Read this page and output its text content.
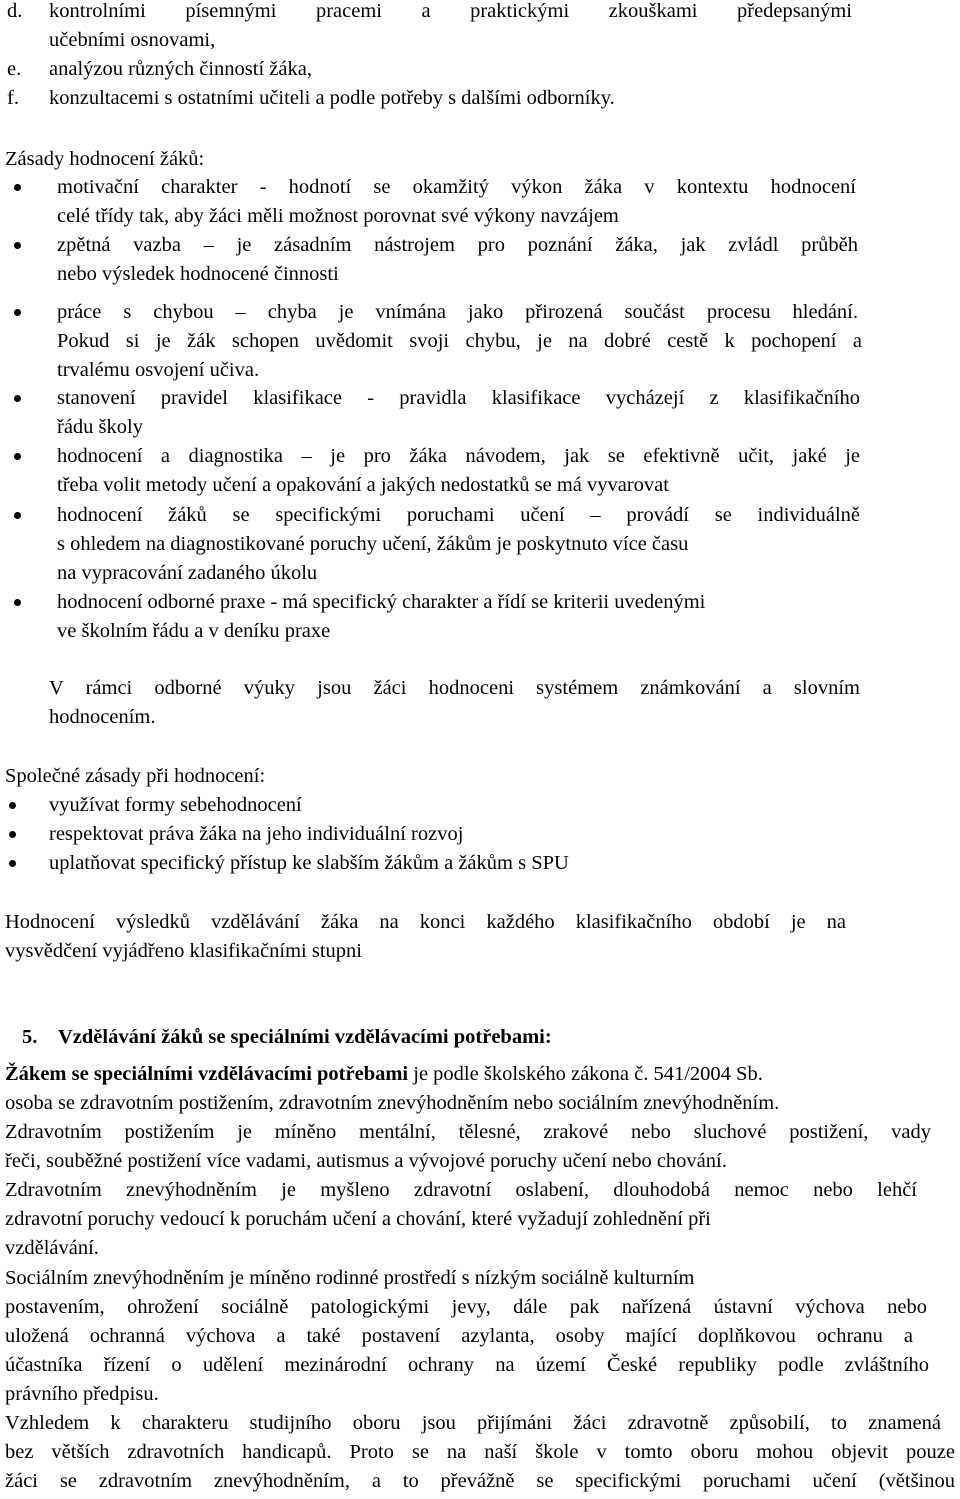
d. kontrolními písemnými pracemi a praktickými zkouškami předepsanými
učebními osnovami,
e. analýzou různých činností žáka,
f. konzultacemi s ostatními učiteli a podle potřeby s dalšími odborníky.
Zásady hodnocení žáků:
motivační charakter - hodnotí se okamžitý výkon žáka v kontextu hodnocení
celé třídy tak, aby žáci měli možnost porovnat své výkony navzájem
zpětná vazba – je zásadním nástrojem pro poznání žáka, jak zvládl průběh
nebo výsledek hodnocené činnosti
práce s chybou – chyba je vnímána jako přirozená součást procesu hledání.
Pokud si je žák schopen uvědomit svoji chybu, je na dobré cestě k pochopení a
trvalému osvojení učiva.
stanovení pravidel klasifikace - pravidla klasifikace vycházejí z klasifikačního
řádu školy
hodnocení a diagnostika – je pro žáka návodem, jak se efektivně učit, jaké je
třeba volit metody učení a opakování a jakých nedostatků se má vyvarovat
hodnocení žáků se specifickými poruchami učení – provádí se individuálně
s ohledem na diagnostikované poruchy učení, žákům je poskytnuto více času
na vypracování zadaného úkolu
hodnocení odborné praxe - má specifický charakter a řídí se kriterii uvedenými
ve školním řádu a v deníku praxe
V rámci odborné výuky jsou žáci hodnoceni systémem známkování a slovním
hodnocením.
Společné zásady při hodnocení:
využívat formy sebehodnocení
respektovat práva žáka na jeho individuální rozvoj
uplatňovat specifický přístup ke slabším žákům a žákům s SPU
Hodnocení výsledků vzdělávání žáka na konci každého klasifikačního období je na
vysvědčení vyjádřeno klasifikačními stupni
5. Vzdělávání žáků se speciálními vzdělávacími potřebami:
Žákem se speciálními vzdělávacími potřebami je podle školského zákona č. 541/2004 Sb.
osoba se zdravotním postižením, zdravotním znevýhodněním nebo sociálním znevýhodněním.
Zdravotním postižením je míněno mentální, tělesné, zrakové nebo sluchové postižení, vady
řeči, souběžné postižení více vadami, autismus a vývojové poruchy učení nebo chování.
Zdravotním znevýhodněním je myšleno zdravotní oslabení, dlouhodobá nemoc nebo lehčí
zdravotní poruchy vedoucí k poruchám učení a chování, které vyžadují zohlednění při
vzdělávání.
Sociálním znevýhodněním je míněno rodinné prostředí s nízkým sociálně kulturním
postavením, ohrožení sociálně patologickými jevy, dále pak nařízená ústavní výchova nebo
uložená ochranná výchova a také postavení azylanta, osoby mající doplňkovou ochranu a
účastníka řízení o udělení mezinárodní ochrany na území České republiky podle zvláštního
právního předpisu.
Vzhledem k charakteru studijního oboru jsou přijímáni žáci zdravotně způsobilí, to znamená
bez větších zdravotních handicapů. Proto se na naší škole v tomto oboru mohou objevit pouze
žáci se zdravotním znevýhodněním, a to převážně se specifickými poruchami učení (většinou
